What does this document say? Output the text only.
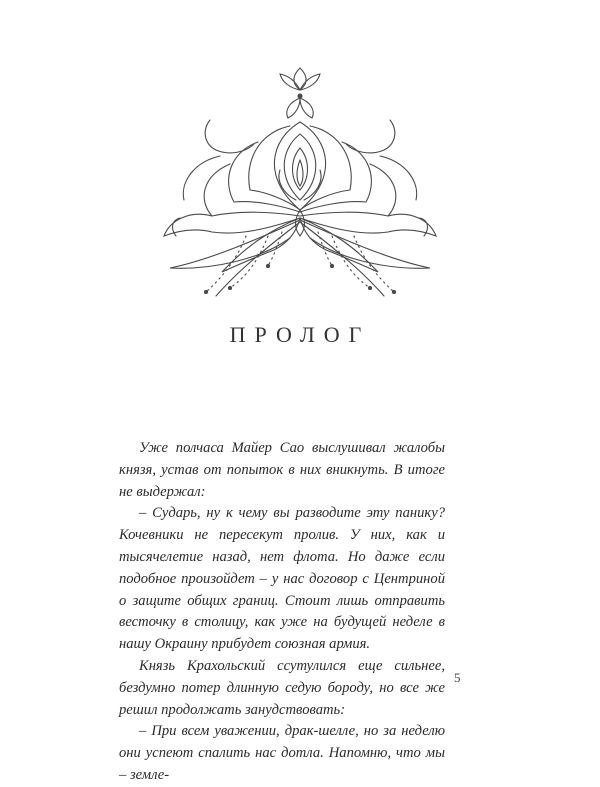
ПРОЛОГ

Уже полчаса Майер Сао выслушивал жалобы князя, устав от попыток в них вникнуть. В итоге не выдержал:

– Сударь, ну к чему вы разводите эту панику? Кочевники не пересекут пролив. У них, как и тысячелетие назад, нет флота. Но даже если подобное произойдет – у нас договор с Центриной о защите общих границ. Стоит лишь отправить весточку в столицу, как уже на будущей неделе в нашу Окраину прибудет союзная армия.

Князь Крахольский ссутулился еще сильнее, бездумно потер длинную седую бороду, но все же решил продолжать занудствовать:

– При всем уважении, драк-шелле, но за неделю они успеют спалить нас дотла. Напомню, что мы – земле-

5
